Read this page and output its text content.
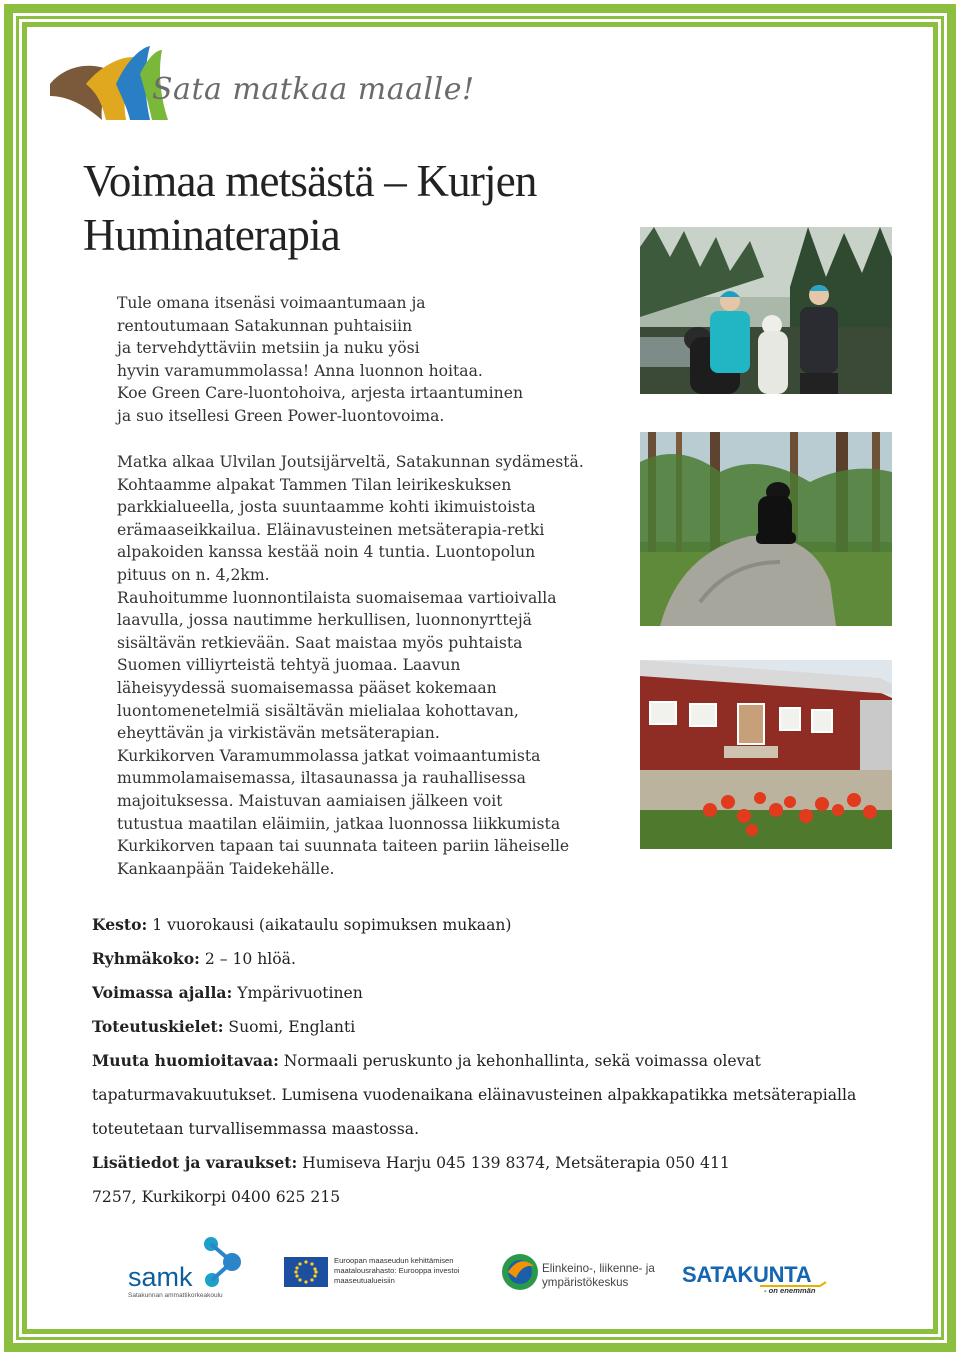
Sata matkaa maalle!
Voimaa metsästä – Kurjen
Huminaterapia

Tule omana itsenäsi voimaantumaan ja

rentoutumaan Satakunnan puhtaisiin

ja tervehdyttäviin metsiin ja nuku yösi

hyvin varamummolassa! Anna luonnon hoitaa.

Koe Green Care-luontohoiva, arjesta irtaantuminen

ja suo itsellesi Green Power-luontovoima.

Matka alkaa Ulvilan Joutsijärveltä, Satakunnan sydämestä.

Kohtaamme alpakat Tammen Tilan leirikeskuksen

parkkialueella, josta suuntaamme kohti ikimuistoista

erämaaseikkailua. Eläinavusteinen metsäterapia-retki

alpakoiden kanssa kestää noin 4 tuntia. Luontopolun

pituus on n. 4,2km.

Rauhoitumme luonnontilaista suomaisemaa vartioivalla

laavulla, jossa nautimme herkullisen, luonnonyrttejä

sisältävän retkievään. Saat maistaa myös puhtaista

Suomen villiyrteistä tehtyä juomaa. Laavun

läheisyydessä suomaisemassa pääset kokemaan

luontomenetelmiä sisältävän mielialaa kohottavan,

eheyttävän ja virkistävän metsäterapian.

Kurkikorven Varamummolassa jatkat voimaantumista

mummolamaisemassa, iltasaunassa ja rauhallisessa

majoituksessa. Maistuvan aamiaisen jälkeen voit

tutustua maatilan eläimiin, jatkaa luonnossa liikkumista

Kurkikorven tapaan tai suunnata taiteen pariin läheiselle

Kankaanpään Taidekehälle.

Kesto: 1 vuorokausi (aikataulu sopimuksen mukaan)

Ryhmäkoko: 2 – 10 hlöä.

Voimassa ajalla: Ympärivuotinen

Toteutuskielet: Suomi, Englanti

Muuta huomioitavaa: Normaali peruskunto ja kehonhallinta, sekä voimassa olevat

tapaturmavakuutukset. Lumisena vuodenaikana eläinavusteinen alpakkapatikka metsäterapialla

toteutetaan turvallisemmassa maastossa.

Lisätiedot ja varaukset: Humiseva Harju 045 139 8374, Metsäterapia 050 411

7257, Kurkikorpi 0400 625 215

samk
Satakunnan ammattikorkeakoulu
Euroopan maaseudun kehittämisen maatalousrahasto: Eurooppa investoi maaseutualueisiin
Elinkeino-, liikenne- ja ympäristökeskus	SATAKUNTA
- on enemmän
